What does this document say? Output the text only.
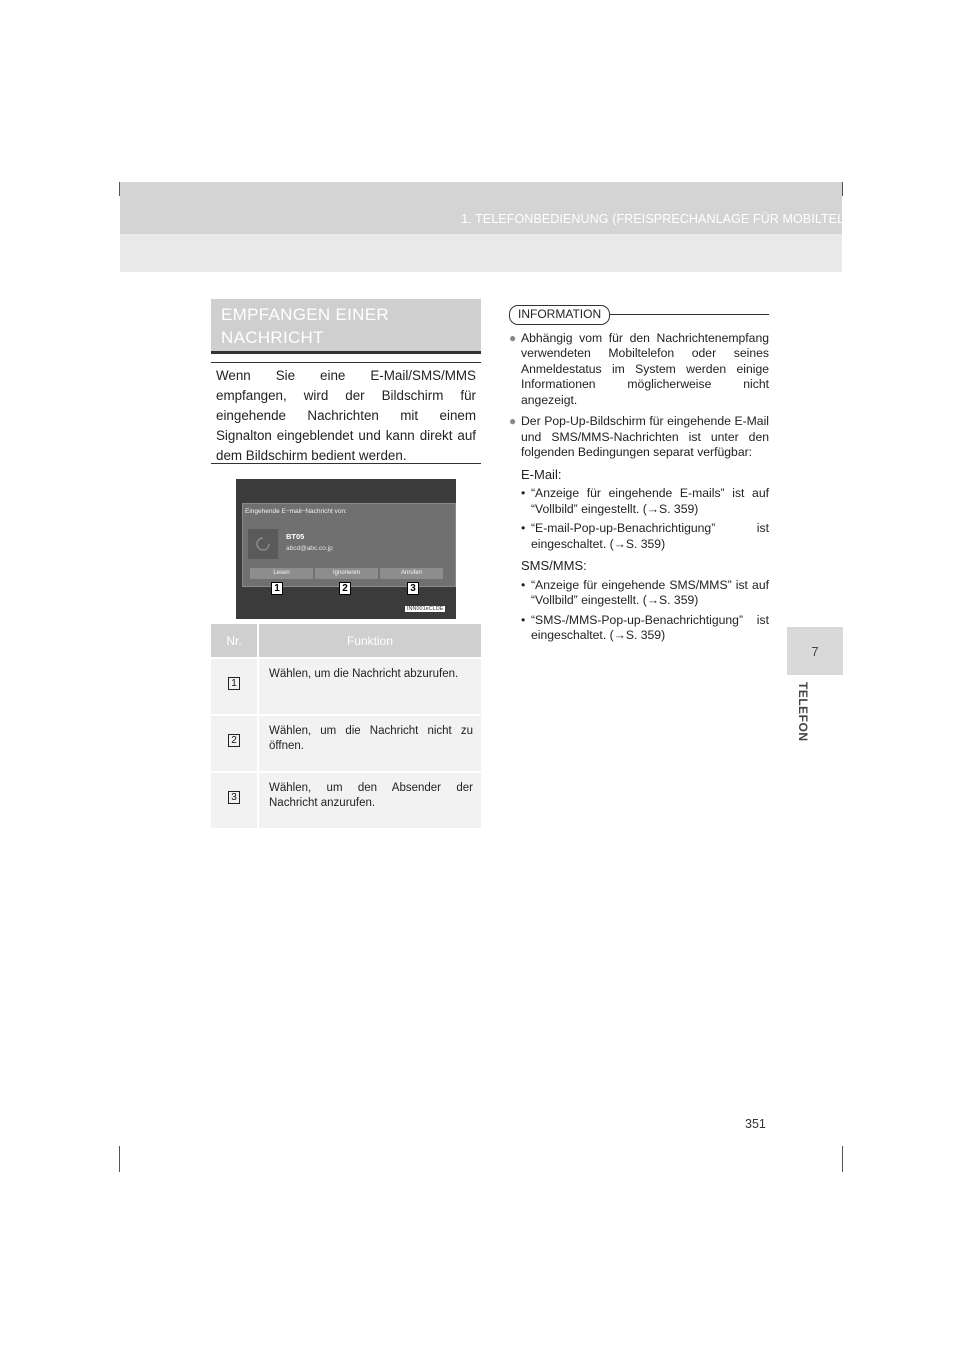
1. TELEFONBEDIENUNG (FREISPRECHANLAGE FÜR MOBILTELEFONE)
7
TELEFON
EMPFANGEN EINER
NACHRICHT
Wenn Sie eine E-Mail/SMS/MMS empfangen, wird der Bildschirm für eingehende Nachrichten mit einem Signalton eingeblendet und kann direkt auf dem Bildschirm bedient werden.
Eingehende E−mail−Nachricht von:
BT05
abcd@abc.co.jp
Lesen	Ignorieren	Anrufen
1	2	3
INN001eCLDE
Nr.	Funktion
1	Wählen, um die Nachricht abzurufen.
2	Wählen, um die Nachricht nicht zu öffnen.
3	Wählen, um den Absender der Nachricht anzurufen.
INFORMATION
● Abhängig vom für den Nachrichtenempfang verwendeten Mobiltelefon oder seines Anmeldestatus im System werden einige Informationen möglicherweise nicht angezeigt.
● Der Pop-Up-Bildschirm für eingehende E-Mail und SMS/MMS-Nachrichten ist unter den folgenden Bedingungen separat verfügbar:
E-Mail:
• “Anzeige für eingehende E-mails” ist auf “Vollbild” eingestellt. (→S. 359)
• “E-mail-Pop-up-Benachrichtigung” ist eingeschaltet. (→S. 359)
SMS/MMS:
• “Anzeige für eingehende SMS/MMS” ist auf “Vollbild” eingestellt. (→S. 359)
• “SMS-/MMS-Pop-up-Benachrichtigung” ist eingeschaltet. (→S. 359)
351
